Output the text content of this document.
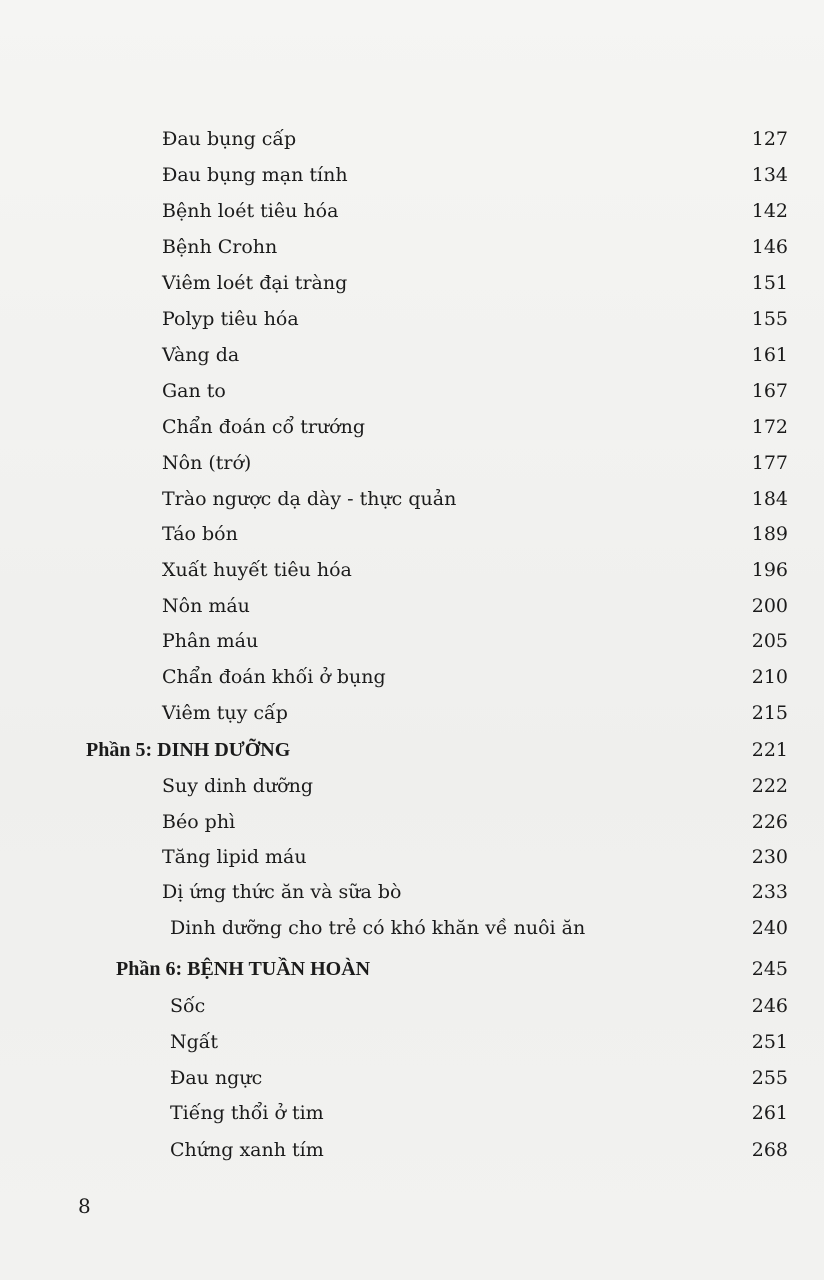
Đau bụng cấp	127
Đau bụng mạn tính	134
Bệnh loét tiêu hóa	142
Bệnh Crohn	146
Viêm loét đại tràng	151
Polyp tiêu hóa	155
Vàng da	161
Gan to	167
Chẩn đoán cổ trướng	172
Nôn (trớ)	177
Trào ngược dạ dày - thực quản	184
Táo bón	189
Xuất huyết tiêu hóa	196
Nôn máu	200
Phân máu	205
Chẩn đoán khối ở bụng	210
Viêm tụy cấp	215
Phần 5: DINH DƯỠNG	221
Suy dinh dưỡng	222
Béo phì	226
Tăng lipid máu	230
Dị ứng thức ăn và sữa bò	233
Dinh dưỡng cho trẻ có khó khăn về nuôi ăn	240
Phần 6: BỆNH TUẦN HOÀN	245
Sốc	246
Ngất	251
Đau ngực	255
Tiếng thổi ở tim	261
Chứng xanh tím	268
8
